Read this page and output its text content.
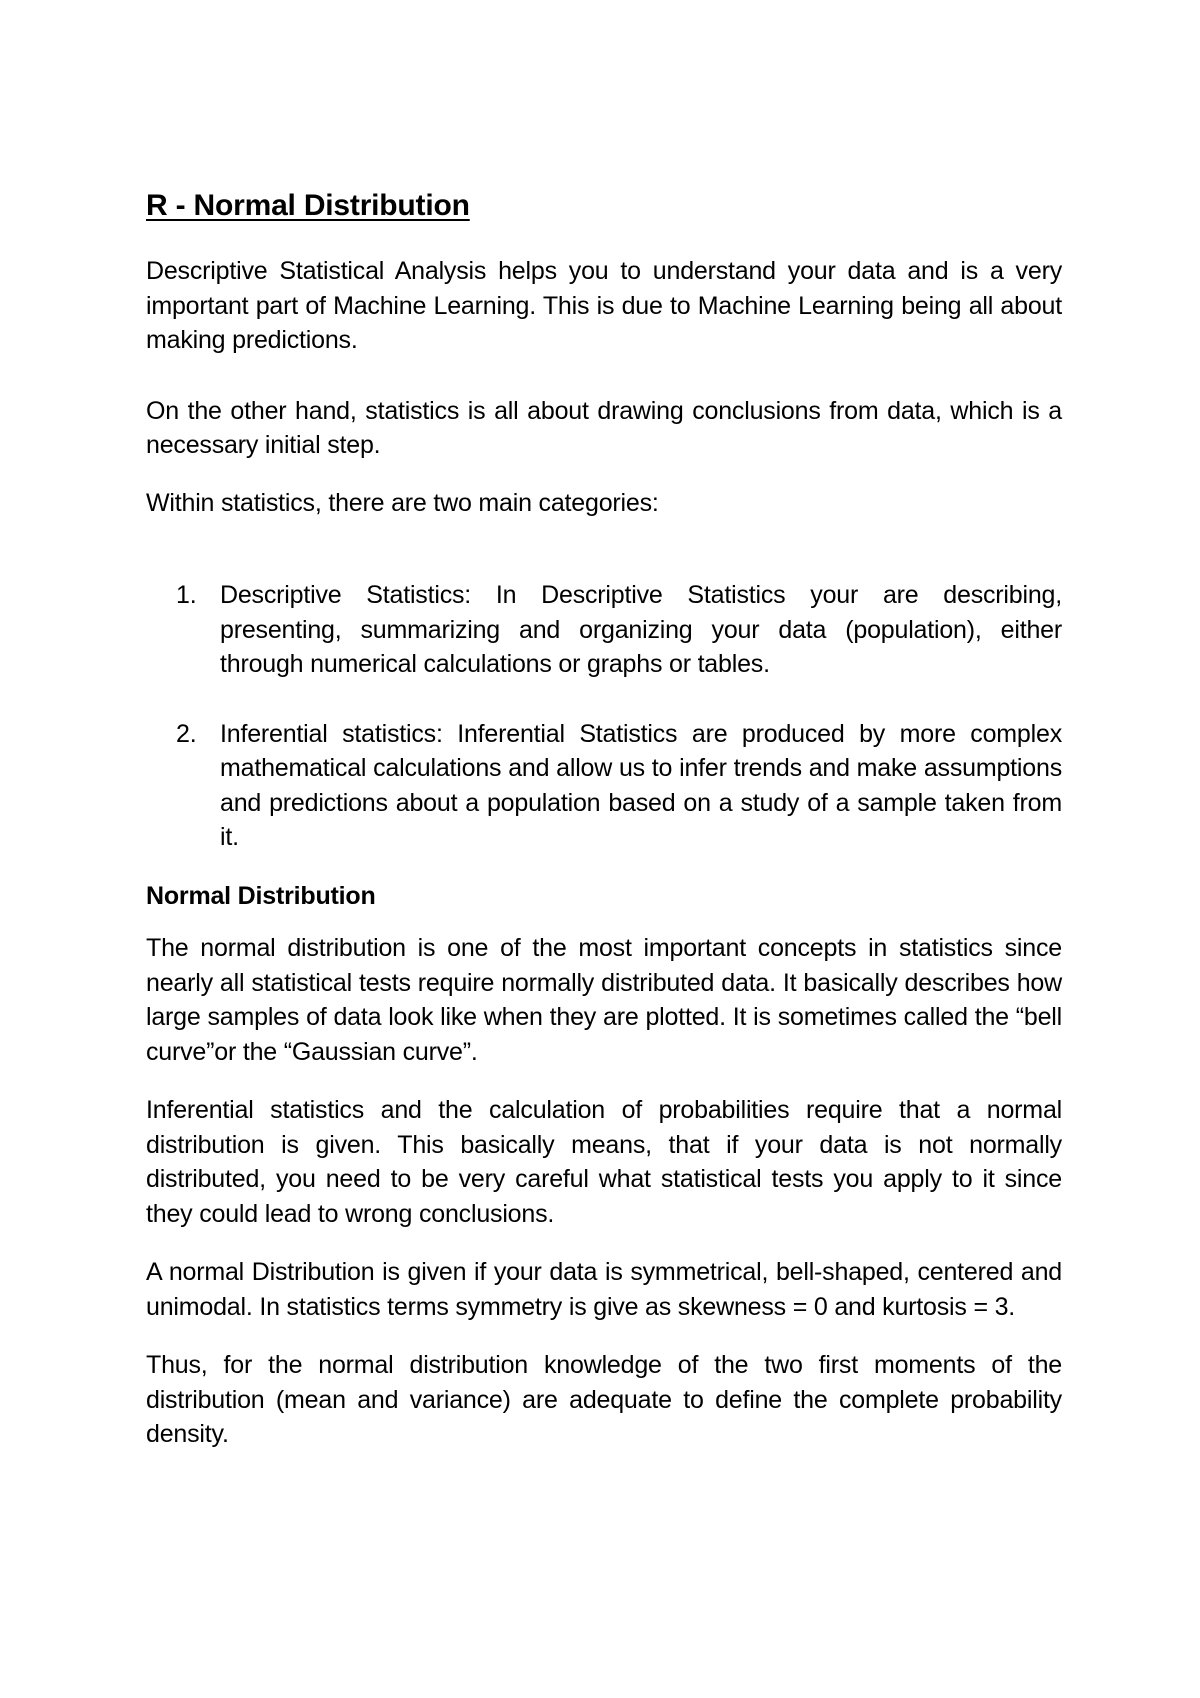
R - Normal Distribution

Descriptive Statistical Analysis helps you to understand your data and is a very important part of Machine Learning. This is due to Machine Learning being all about making predictions.

On the other hand, statistics is all about drawing conclusions from data, which is a necessary initial step.

Within statistics, there are two main categories:

1. Descriptive Statistics: In Descriptive Statistics your are describing, presenting, summarizing and organizing your data (population), either through numerical calculations or graphs or tables.
2. Inferential statistics: Inferential Statistics are produced by more complex mathematical calculations and allow us to infer trends and make assumptions and predictions about a population based on a study of a sample taken from it.

Normal Distribution

The normal distribution is one of the most important concepts in statistics since nearly all statistical tests require normally distributed data. It basically describes how large samples of data look like when they are plotted. It is sometimes called the “bell curve”or the “Gaussian curve”.

Inferential statistics and the calculation of probabilities require that a normal distribution is given. This basically means, that if your data is not normally distributed, you need to be very careful what statistical tests you apply to it since they could lead to wrong conclusions.

A normal Distribution is given if your data is symmetrical, bell-shaped, centered and unimodal. In statistics terms symmetry is give as skewness = 0 and kurtosis = 3.

Thus, for the normal distribution knowledge of the two first moments of the distribution (mean and variance) are adequate to define the complete probability density.
